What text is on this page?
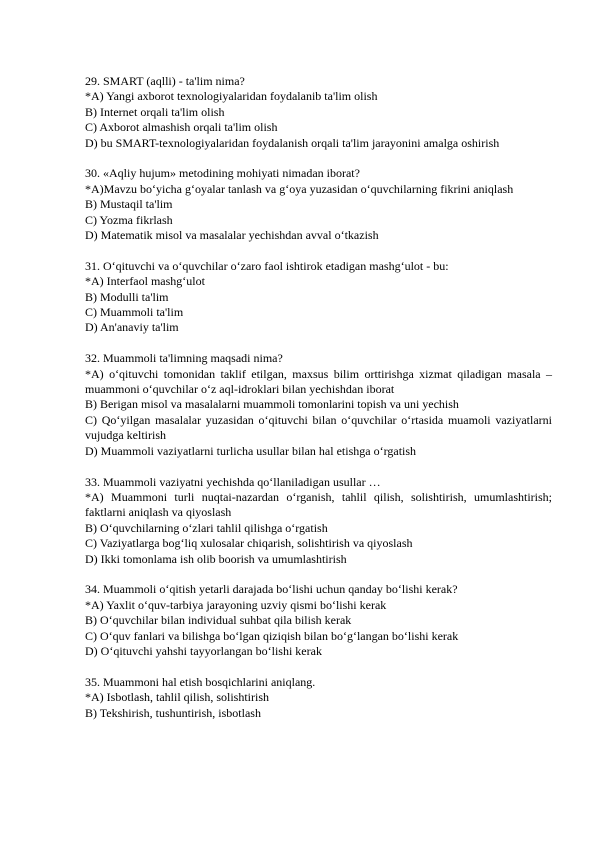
29. SMART (aqlli) - ta'lim nima?

*A) Yangi axborot texnologiyalaridan foydalanib ta'lim olish

B) Internet orqali ta'lim olish

C) Axborot almashish orqali ta'lim olish

D) bu SMART-texnologiyalaridan foydalanish orqali ta'lim jarayonini amalga oshirish

30. «Aqliy hujum» metodining mohiyati nimadan iborat?

*A)Mavzu bo‘yicha g‘oyalar tanlash va g‘oya yuzasidan o‘quvchilarning fikrini aniqlash

B) Mustaqil ta'lim

C) Yozma fikrlash

D) Matematik misol va masalalar yechishdan avval o‘tkazish

31. O‘qituvchi va o‘quvchilar o‘zaro faol ishtirok etadigan mashg‘ulot - bu:

*A) Interfaol mashg‘ulot

B) Modulli ta'lim

C) Muammoli ta'lim

D) An'anaviy ta'lim

32. Muammoli ta'limning maqsadi nima?

*A) o‘qituvchi tomonidan taklif etilgan, maxsus bilim orttirishga xizmat qiladigan masala – muammoni o‘quvchilar o‘z aql-idroklari bilan yechishdan iborat

B) Berigan misol va masalalarni muammoli tomonlarini topish va uni yechish

C) Qo‘yilgan masalalar yuzasidan o‘qituvchi bilan o‘quvchilar o‘rtasida muamoli vaziyatlarni vujudga keltirish

D) Muammoli vaziyatlarni turlicha usullar bilan hal etishga o‘rgatish

33. Muammoli vaziyatni yechishda qo‘llaniladigan usullar …

*A) Muammoni turli nuqtai-nazardan o‘rganish, tahlil qilish, solishtirish, umumlashtirish; faktlarni aniqlash va qiyoslash

B) O‘quvchilarning o‘zlari tahlil qilishga o‘rgatish

C) Vaziyatlarga bog‘liq xulosalar chiqarish, solishtirish va qiyoslash

D) Ikki tomonlama ish olib boorish va umumlashtirish

34. Muammoli o‘qitish yetarli darajada bo‘lishi uchun qanday bo‘lishi kerak?

*A) Yaxlit o‘quv-tarbiya jarayoning uzviy qismi bo‘lishi kerak

B) O‘quvchilar bilan individual suhbat qila bilish kerak

C) O‘quv fanlari va bilishga bo‘lgan qiziqish bilan bo‘g‘langan bo‘lishi kerak

D) O‘qituvchi yahshi tayyorlangan bo‘lishi kerak

35. Muammoni hal etish bosqichlarini aniqlang.

*A) Isbotlash, tahlil qilish, solishtirish

B) Tekshirish, tushuntirish, isbotlash
